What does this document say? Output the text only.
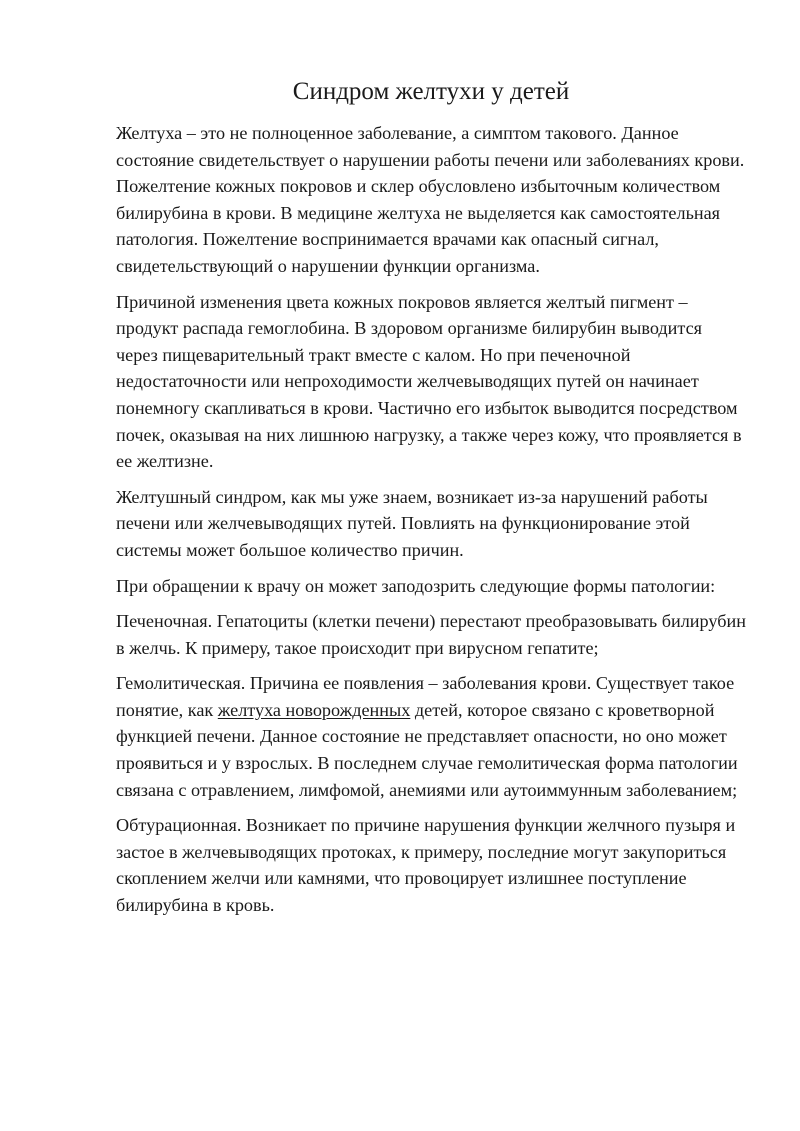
Синдром желтухи у детей

Желтуха – это не полноценное заболевание, а симптом такового. Данное состояние свидетельствует о нарушении работы печени или заболеваниях крови. Пожелтение кожных покровов и склер обусловлено избыточным количеством билирубина в крови. В медицине желтуха не выделяется как самостоятельная патология. Пожелтение воспринимается врачами как опасный сигнал, свидетельствующий о нарушении функции организма.

Причиной изменения цвета кожных покровов является желтый пигмент – продукт распада гемоглобина. В здоровом организме билирубин выводится через пищеварительный тракт вместе с калом. Но при печеночной недостаточности или непроходимости желчевыводящих путей он начинает понемногу скапливаться в крови. Частично его избыток выводится посредством почек, оказывая на них лишнюю нагрузку, а также через кожу, что проявляется в ее желтизне.

Желтушный синдром, как мы уже знаем, возникает из-за нарушений работы печени или желчевыводящих путей. Повлиять на функционирование этой системы может большое количество причин.

При обращении к врачу он может заподозрить следующие формы патологии:

Печеночная. Гепатоциты (клетки печени) перестают преобразовывать билирубин в желчь. К примеру, такое происходит при вирусном гепатите;

Гемолитическая. Причина ее появления – заболевания крови. Существует такое понятие, как желтуха новорожденных детей, которое связано с кроветворной функцией печени. Данное состояние не представляет опасности, но оно может проявиться и у взрослых. В последнем случае гемолитическая форма патологии связана с отравлением, лимфомой, анемиями или аутоиммунным заболеванием;

Обтурационная. Возникает по причине нарушения функции желчного пузыря и застое в желчевыводящих протоках, к примеру, последние могут закупориться скоплением желчи или камнями, что провоцирует излишнее поступление билирубина в кровь.
